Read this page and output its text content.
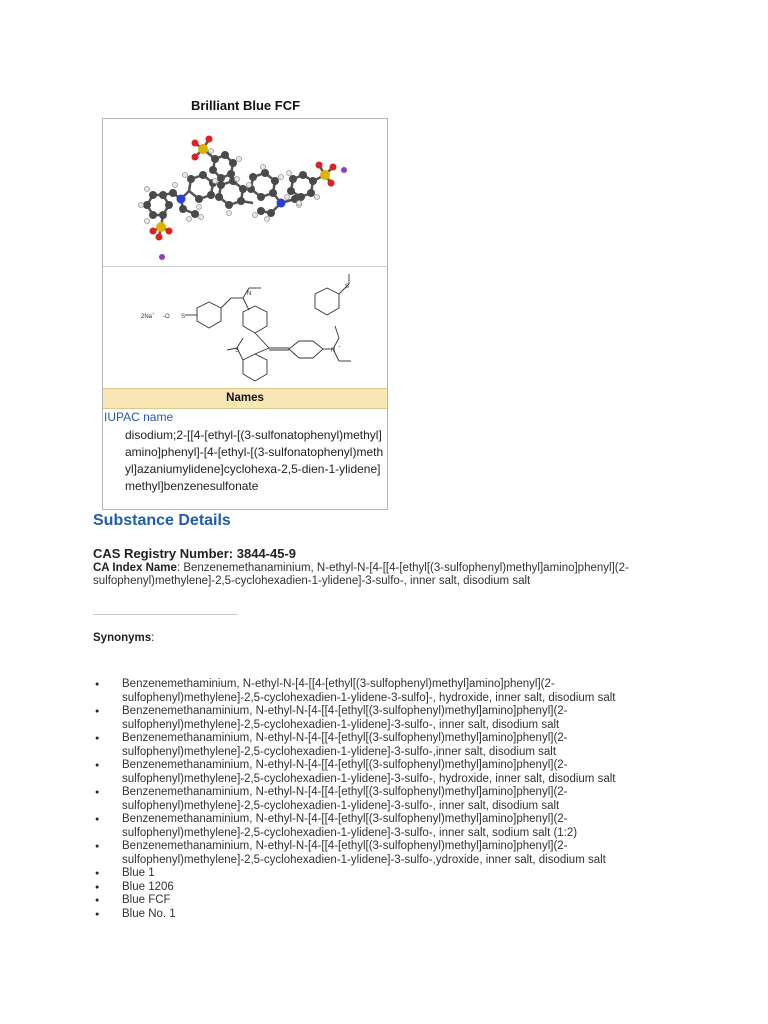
Brilliant Blue FCF
2Na
+
-O S
N
N
+
S
S
Names
IUPAC name
disodium;2-[[4-[ethyl-[(3-sulfonatophenyl)methyl]amino]phenyl]-[4-[ethyl-[(3-sulfonatophenyl)methyl]azaniumylidene]cyclohexa-2,5-dien-1-ylidene]methyl]benzenesulfonate
Substance Details
CAS Registry Number: 3844-45-9
CA Index Name: Benzenemethanaminium, N-ethyl-N-[4-[[4-[ethyl[(3-sulfophenyl)methyl]amino]phenyl](2-sulfophenyl)methylene]-2,5-cyclohexadien-1-ylidene]-3-sulfo-, inner salt, disodium salt
Synonyms:
● Benzenemethaminium, N-ethyl-N-[4-[[4-[ethyl[(3-sulfophenyl)methyl]amino]phenyl](2-sulfophenyl)methylene]-2,5-cyclohexadien-1-ylidene-3-sulfo]-, hydroxide, inner salt, disodium salt
● Benzenemethanaminium, N-ethyl-N-[4-[[4-[ethyl[(3-sulfophenyl)methyl]amino]phenyl](2-sulfophenyl)methylene]-2,5-cyclohexadien-1-ylidene]-3-sulfo-, inner salt, disodium salt
● Benzenemethanaminium, N-ethyl-N-[4-[[4-[ethyl[(3-sulfophenyl)methyl]amino]phenyl](2-sulfophenyl)methylene]-2,5-cyclohexadien-1-ylidene]-3-sulfo-,inner salt, disodium salt
● Benzenemethanaminium, N-ethyl-N-[4-[[4-[ethyl[(3-sulfophenyl)methyl]amino]phenyl](2-sulfophenyl)methylene]-2,5-cyclohexadien-1-ylidene]-3-sulfo-, hydroxide, inner salt, disodium salt
● Benzenemethanaminium, N-ethyl-N-[4-[[4-[ethyl[(3-sulfophenyl)methyl]amino]phenyl](2-sulfophenyl)methylene]-2,5-cyclohexadien-1-ylidene]-3-sulfo-, inner salt, disodium salt
● Benzenemethanaminium, N-ethyl-N-[4-[[4-[ethyl[(3-sulfophenyl)methyl]amino]phenyl](2-sulfophenyl)methylene]-2,5-cyclohexadien-1-ylidene]-3-sulfo-, inner salt, sodium salt (1:2)
● Benzenemethanaminium, N-ethyl-N-[4-[[4-[ethyl[(3-sulfophenyl)methyl]amino]phenyl](2-sulfophenyl)methylene]-2,5-cyclohexadien-1-ylidene]-3-sulfo-,ydroxide, inner salt, disodium salt
● Blue 1
● Blue 1206
● Blue FCF
● Blue No. 1
